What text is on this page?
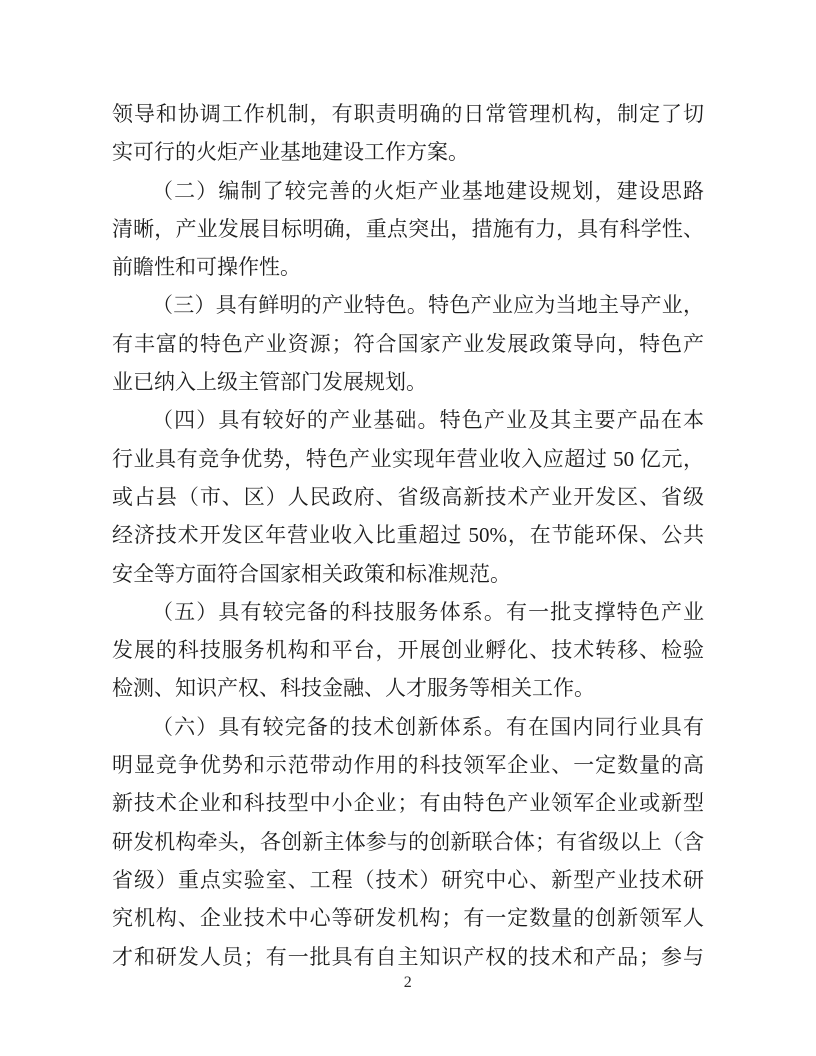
领导和协调工作机制，有职责明确的日常管理机构，制定了切
实可行的火炬产业基地建设工作方案。
（二）编制了较完善的火炬产业基地建设规划，建设思路
清晰，产业发展目标明确，重点突出，措施有力，具有科学性、
前瞻性和可操作性。
（三）具有鲜明的产业特色。特色产业应为当地主导产业，
有丰富的特色产业资源；符合国家产业发展政策导向，特色产
业已纳入上级主管部门发展规划。
（四）具有较好的产业基础。特色产业及其主要产品在本
行业具有竞争优势，特色产业实现年营业收入应超过 50 亿元，
或占县（市、区）人民政府、省级高新技术产业开发区、省级
经济技术开发区年营业收入比重超过 50%，在节能环保、公共
安全等方面符合国家相关政策和标准规范。
（五）具有较完备的科技服务体系。有一批支撑特色产业
发展的科技服务机构和平台，开展创业孵化、技术转移、检验
检测、知识产权、科技金融、人才服务等相关工作。
（六）具有较完备的技术创新体系。有在国内同行业具有
明显竞争优势和示范带动作用的科技领军企业、一定数量的高
新技术企业和科技型中小企业；有由特色产业领军企业或新型
研发机构牵头，各创新主体参与的创新联合体；有省级以上（含
省级）重点实验室、工程（技术）研究中心、新型产业技术研
究机构、企业技术中心等研发机构；有一定数量的创新领军人
才和研发人员；有一批具有自主知识产权的技术和产品；参与
2
